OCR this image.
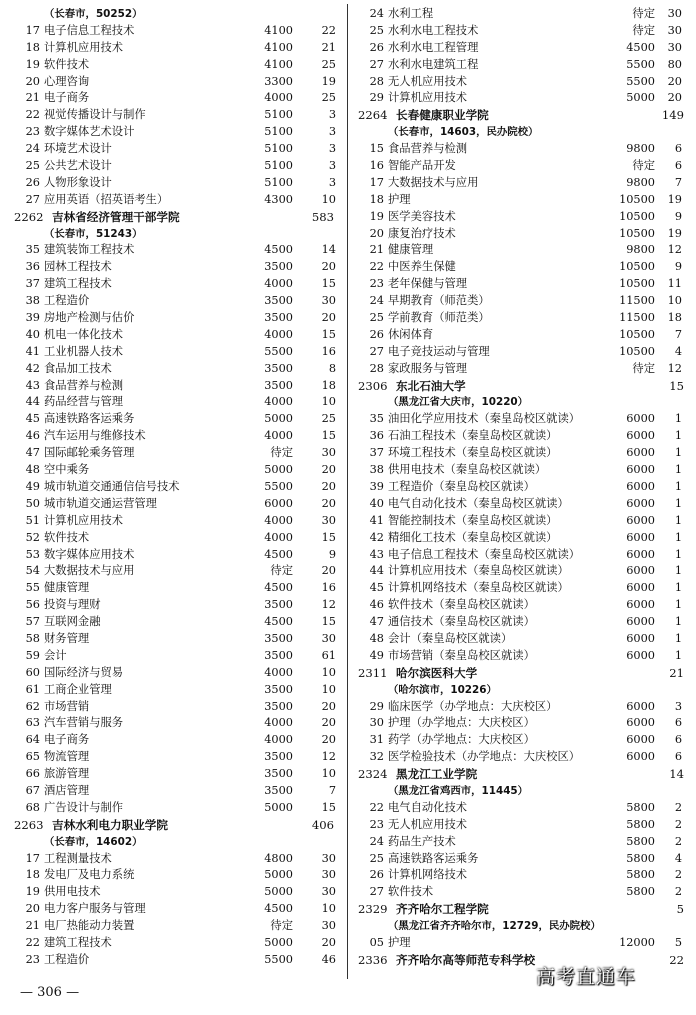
（长春市，50252）
17 电子信息工程技术	4100	22
18 计算机应用技术	4100	21
19 软件技术	4100	25
20 心理咨询	3300	19
21 电子商务	4000	25
22 视觉传播设计与制作	5100	3
23 数字媒体艺术设计	5100	3
24 环境艺术设计	5100	3
25 公共艺术设计	5100	3
26 人物形象设计	5100	3
27 应用英语（招英语考生）	4300	10
2262 吉林省经济管理干部学院	583
（长春市，51243）
35 建筑装饰工程技术	4500	14
36 园林工程技术	3500	20
37 建筑工程技术	4000	15
38 工程造价	3500	30
39 房地产检测与估价	3500	20
40 机电一体化技术	4000	15
41 工业机器人技术	5500	16
42 食品加工技术	3500	8
43 食品营养与检测	3500	18
44 药品经营与管理	4000	10
45 高速铁路客运乘务	5000	25
46 汽车运用与维修技术	4000	15
47 国际邮轮乘务管理	待定	30
48 空中乘务	5000	20
49 城市轨道交通通信信号技术	5500	20
50 城市轨道交通运营管理	6000	20
51 计算机应用技术	4000	30
52 软件技术	4000	15
53 数字媒体应用技术	4500	9
54 大数据技术与应用	待定	20
55 健康管理	4500	16
56 投资与理财	3500	12
57 互联网金融	4500	15
58 财务管理	3500	30
59 会计	3500	61
60 国际经济与贸易	4000	10
61 工商企业管理	3500	10
62 市场营销	3500	20
63 汽车营销与服务	4000	20
64 电子商务	4000	20
65 物流管理	3500	12
66 旅游管理	3500	10
67 酒店管理	3500	7
68 广告设计与制作	5000	15
2263 吉林水利电力职业学院	406
（长春市，14602）
17 工程测量技术	4800	30
18 发电厂及电力系统	5000	30
19 供用电技术	5000	30
20 电力客户服务与管理	4500	10
21 电厂热能动力装置	待定	30
22 建筑工程技术	5000	20
23 工程造价	5500	46
24 水利工程	待定	30
25 水利水电工程技术	待定	30
26 水利水电工程管理	4500	30
27 水利水电建筑工程	5500	80
28 无人机应用技术	5500	20
29 计算机应用技术	5000	20
2264 长春健康职业学院	149
（长春市，14603，民办院校）
15 食品营养与检测	9800	6
16 智能产品开发	待定	6
17 大数据技术与应用	9800	7
18 护理	10500	19
19 医学美容技术	10500	9
20 康复治疗技术	10500	19
21 健康管理	9800	12
22 中医养生保健	10500	9
23 老年保健与管理	10500	11
24 早期教育（师范类）	11500	10
25 学前教育（师范类）	11500	18
26 休闲体育	10500	7
27 电子竞技运动与管理	10500	4
28 家政服务与管理	待定	12
2306 东北石油大学	15
（黑龙江省大庆市，10220）
35 油田化学应用技术（秦皇岛校区就读）	6000	1
36 石油工程技术（秦皇岛校区就读）	6000	1
37 环境工程技术（秦皇岛校区就读）	6000	1
38 供用电技术（秦皇岛校区就读）	6000	1
39 工程造价（秦皇岛校区就读）	6000	1
40 电气自动化技术（秦皇岛校区就读）	6000	1
41 智能控制技术（秦皇岛校区就读）	6000	1
42 精细化工技术（秦皇岛校区就读）	6000	1
43 电子信息工程技术（秦皇岛校区就读）	6000	1
44 计算机应用技术（秦皇岛校区就读）	6000	1
45 计算机网络技术（秦皇岛校区就读）	6000	1
46 软件技术（秦皇岛校区就读）	6000	1
47 通信技术（秦皇岛校区就读）	6000	1
48 会计（秦皇岛校区就读）	6000	1
49 市场营销（秦皇岛校区就读）	6000	1
2311 哈尔滨医科大学	21
（哈尔滨市，10226）
29 临床医学（办学地点：大庆校区）	6000	3
30 护理（办学地点：大庆校区）	6000	6
31 药学（办学地点：大庆校区）	6000	6
32 医学检验技术（办学地点：大庆校区）	6000	6
2324 黑龙江工业学院	14
（黑龙江省鸡西市，11445）
22 电气自动化技术	5800	2
23 无人机应用技术	5800	2
24 药品生产技术	5800	2
25 高速铁路客运乘务	5800	4
26 计算机网络技术	5800	2
27 软件技术	5800	2
2329 齐齐哈尔工程学院	5
（黑龙江省齐齐哈尔市，12729，民办院校）
05 护理	12000	5
2336 齐齐哈尔高等师范专科学校	22
— 306 —
高考直通车
